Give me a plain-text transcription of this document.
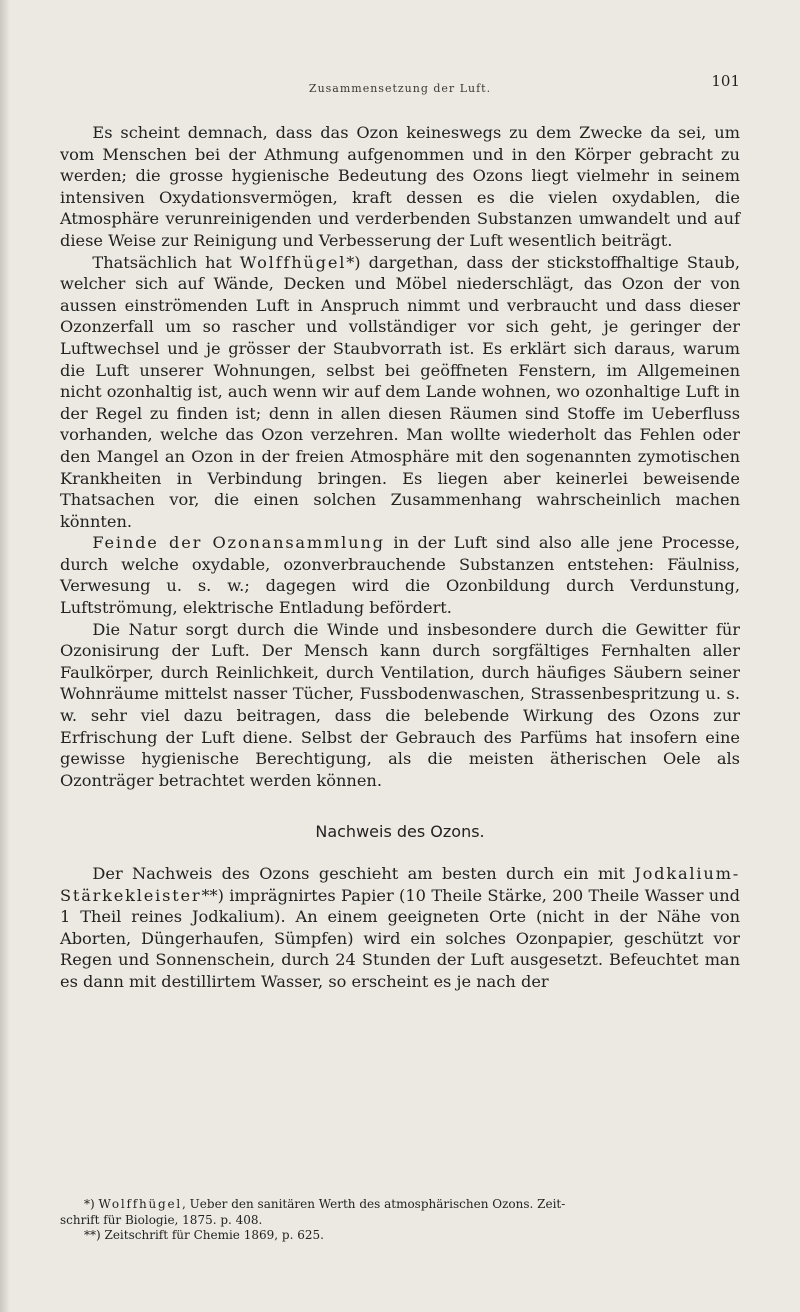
Zusammensetzung der Luft.	101

Es scheint demnach, dass das Ozon keineswegs zu dem Zwecke da sei, um vom Menschen bei der Athmung aufgenommen und in den Körper gebracht zu werden; die grosse hygienische Bedeutung des Ozons liegt vielmehr in seinem intensiven Oxydationsvermögen, kraft dessen es die vielen oxydablen, die Atmosphäre verunreinigenden und verderbenden Substanzen umwandelt und auf diese Weise zur Reinigung und Verbesserung der Luft wesentlich beiträgt.

Thatsächlich hat Wolffhügel*) dargethan, dass der stickstoffhaltige Staub, welcher sich auf Wände, Decken und Möbel niederschlägt, das Ozon der von aussen einströmenden Luft in Anspruch nimmt und verbraucht und dass dieser Ozonzerfall um so rascher und vollständiger vor sich geht, je geringer der Luftwechsel und je grösser der Staubvorrath ist. Es erklärt sich daraus, warum die Luft unserer Wohnungen, selbst bei geöffneten Fenstern, im Allgemeinen nicht ozonhaltig ist, auch wenn wir auf dem Lande wohnen, wo ozonhaltige Luft in der Regel zu finden ist; denn in allen diesen Räumen sind Stoffe im Ueberfluss vorhanden, welche das Ozon verzehren. Man wollte wiederholt das Fehlen oder den Mangel an Ozon in der freien Atmosphäre mit den sogenannten zymotischen Krankheiten in Verbindung bringen. Es liegen aber keinerlei beweisende Thatsachen vor, die einen solchen Zusammenhang wahrscheinlich machen könnten.

Feinde der Ozonansammlung in der Luft sind also alle jene Processe, durch welche oxydable, ozonverbrauchende Substanzen entstehen: Fäulniss, Verwesung u. s. w.; dagegen wird die Ozonbildung durch Verdunstung, Luftströmung, elektrische Entladung befördert.

Die Natur sorgt durch die Winde und insbesondere durch die Gewitter für Ozonisirung der Luft. Der Mensch kann durch sorgfältiges Fernhalten aller Faulkörper, durch Reinlichkeit, durch Ventilation, durch häufiges Säubern seiner Wohnräume mittelst nasser Tücher, Fussbodenwaschen, Strassenbespritzung u. s. w. sehr viel dazu beitragen, dass die belebende Wirkung des Ozons zur Erfrischung der Luft diene. Selbst der Gebrauch des Parfüms hat insofern eine gewisse hygienische Berechtigung, als die meisten ätherischen Oele als Ozonträger betrachtet werden können.

Nachweis des Ozons.

Der Nachweis des Ozons geschieht am besten durch ein mit Jodkalium-Stärkekleister**) imprägnirtes Papier (10 Theile Stärke, 200 Theile Wasser und 1 Theil reines Jodkalium). An einem geeigneten Orte (nicht in der Nähe von Aborten, Düngerhaufen, Sümpfen) wird ein solches Ozonpapier, geschützt vor Regen und Sonnenschein, durch 24 Stunden der Luft ausgesetzt. Befeuchtet man es dann mit destillirtem Wasser, so erscheint es je nach der

*) Wolffhügel, Ueber den sanitären Werth des atmosphärischen Ozons. Zeit-

schrift für Biologie, 1875. p. 408.

**) Zeitschrift für Chemie 1869, p. 625.
